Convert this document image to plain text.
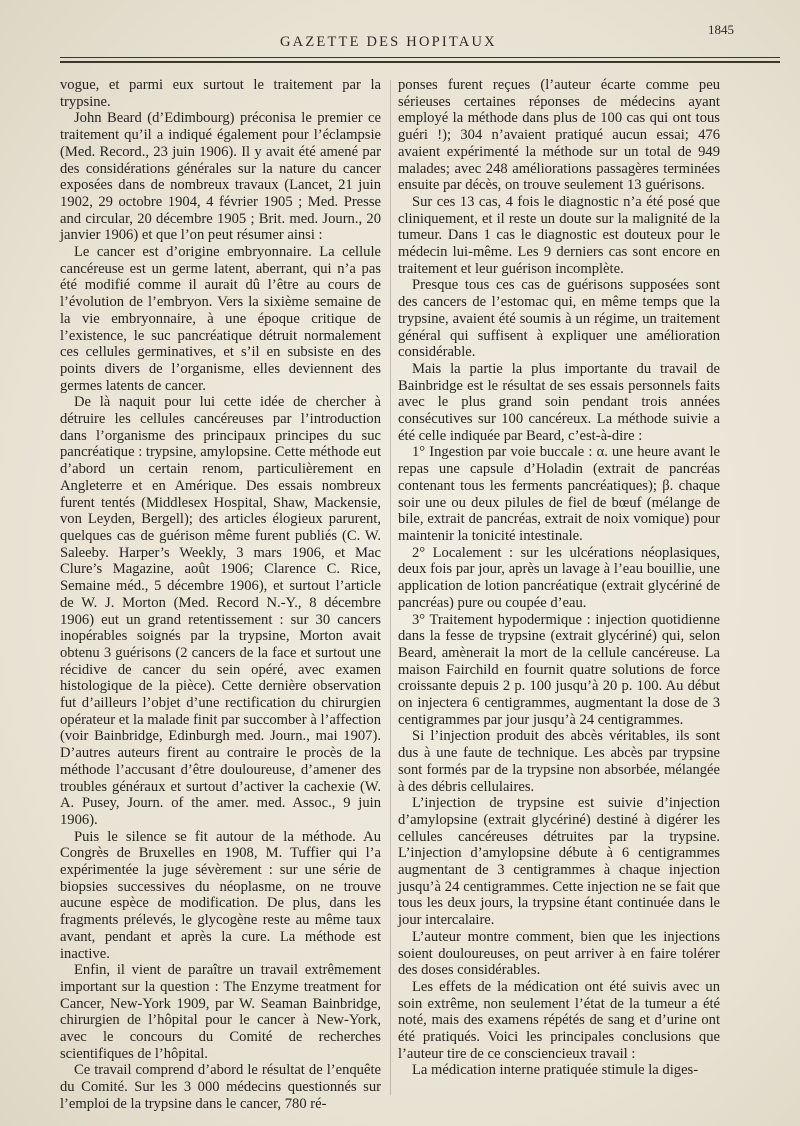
1845
GAZETTE DES HOPITAUX

vogue, et parmi eux surtout le traitement par la trypsine.

John Beard (d’Edimbourg) préconisa le premier ce traitement qu’il a indiqué également pour l’éclampsie (Med. Record., 23 juin 1906). Il y avait été amené par des considérations générales sur la nature du cancer exposées dans de nombreux travaux (Lancet, 21 juin 1902, 29 octobre 1904, 4 février 1905 ; Med. Presse and circular, 20 décembre 1905 ; Brit. med. Journ., 20 janvier 1906) et que l’on peut résumer ainsi :

Le cancer est d’origine embryonnaire. La cellule cancéreuse est un germe latent, aberrant, qui n’a pas été modifié comme il aurait dû l’être au cours de l’évolution de l’embryon. Vers la sixième semaine de la vie embryonnaire, à une époque critique de l’existence, le suc pancréatique détruit normalement ces cellules germinatives, et s’il en subsiste en des points divers de l’organisme, elles deviennent des germes latents de cancer.

De là naquit pour lui cette idée de chercher à détruire les cellules cancéreuses par l’introduction dans l’organisme des principaux principes du suc pancréatique : trypsine, amylopsine. Cette méthode eut d’abord un certain renom, particulièrement en Angleterre et en Amérique. Des essais nombreux furent tentés (Middlesex Hospital, Shaw, Mackensie, von Leyden, Bergell); des articles élogieux parurent, quelques cas de guérison même furent publiés (C. W. Saleeby. Harper’s Weekly, 3 mars 1906, et Mac Clure’s Magazine, août 1906; Clarence C. Rice, Semaine méd., 5 décembre 1906), et surtout l’article de W. J. Morton (Med. Record N.-Y., 8 décembre 1906) eut un grand retentissement : sur 30 cancers inopérables soignés par la trypsine, Morton avait obtenu 3 guérisons (2 cancers de la face et surtout une récidive de cancer du sein opéré, avec examen histologique de la pièce). Cette dernière observation fut d’ailleurs l’objet d’une rectification du chirurgien opérateur et la malade finit par succomber à l’affection (voir Bainbridge, Edinburgh med. Journ., mai 1907). D’autres auteurs firent au contraire le procès de la méthode l’accusant d’être douloureuse, d’amener des troubles généraux et surtout d’activer la cachexie (W. A. Pusey, Journ. of the amer. med. Assoc., 9 juin 1906).

Puis le silence se fit autour de la méthode. Au Congrès de Bruxelles en 1908, M. Tuffier qui l’a expérimentée la juge sévèrement : sur une série de biopsies successives du néoplasme, on ne trouve aucune espèce de modification. De plus, dans les fragments prélevés, le glycogène reste au même taux avant, pendant et après la cure. La méthode est inactive.

Enfin, il vient de paraître un travail extrêmement important sur la question : The Enzyme treatment for Cancer, New-York 1909, par W. Seaman Bainbridge, chirurgien de l’hôpital pour le cancer à New-York, avec le concours du Comité de recherches scientifiques de l’hôpital.

Ce travail comprend d’abord le résultat de l’enquête du Comité. Sur les 3 000 médecins questionnés sur l’emploi de la trypsine dans le cancer, 780 ré-

ponses furent reçues (l’auteur écarte comme peu sérieuses certaines réponses de médecins ayant employé la méthode dans plus de 100 cas qui ont tous guéri !); 304 n’avaient pratiqué aucun essai; 476 avaient expérimenté la méthode sur un total de 949 malades; avec 248 améliorations passagères terminées ensuite par décès, on trouve seulement 13 guérisons.

Sur ces 13 cas, 4 fois le diagnostic n’a été posé que cliniquement, et il reste un doute sur la malignité de la tumeur. Dans 1 cas le diagnostic est douteux pour le médecin lui-même. Les 9 derniers cas sont encore en traitement et leur guérison incomplète.

Presque tous ces cas de guérisons supposées sont des cancers de l’estomac qui, en même temps que la trypsine, avaient été soumis à un régime, un traitement général qui suffisent à expliquer une amélioration considérable.

Mais la partie la plus importante du travail de Bainbridge est le résultat de ses essais personnels faits avec le plus grand soin pendant trois années consécutives sur 100 cancéreux. La méthode suivie a été celle indiquée par Beard, c’est-à-dire :

1° Ingestion par voie buccale : α. une heure avant le repas une capsule d’Holadin (extrait de pancréas contenant tous les ferments pancréatiques); β. chaque soir une ou deux pilules de fiel de bœuf (mélange de bile, extrait de pancréas, extrait de noix vomique) pour maintenir la tonicité intestinale.

2° Localement : sur les ulcérations néoplasiques, deux fois par jour, après un lavage à l’eau bouillie, une application de lotion pancréatique (extrait glycériné de pancréas) pure ou coupée d’eau.

3° Traitement hypodermique : injection quotidienne dans la fesse de trypsine (extrait glycériné) qui, selon Beard, amènerait la mort de la cellule cancéreuse. La maison Fairchild en fournit quatre solutions de force croissante depuis 2 p. 100 jusqu’à 20 p. 100. Au début on injectera 6 centigrammes, augmentant la dose de 3 centigrammes par jour jusqu’à 24 centigrammes.

Si l’injection produit des abcès véritables, ils sont dus à une faute de technique. Les abcès par trypsine sont formés par de la trypsine non absorbée, mélangée à des débris cellulaires.

L’injection de trypsine est suivie d’injection d’amylopsine (extrait glycériné) destiné à digérer les cellules cancéreuses détruites par la trypsine. L’injection d’amylopsine débute à 6 centigrammes augmentant de 3 centigrammes à chaque injection jusqu’à 24 centigrammes. Cette injection ne se fait que tous les deux jours, la trypsine étant continuée dans le jour intercalaire.

L’auteur montre comment, bien que les injections soient douloureuses, on peut arriver à en faire tolérer des doses considérables.

Les effets de la médication ont été suivis avec un soin extrême, non seulement l’état de la tumeur a été noté, mais des examens répétés de sang et d’urine ont été pratiqués. Voici les principales conclusions que l’auteur tire de ce consciencieux travail :

La médication interne pratiquée stimule la diges-
